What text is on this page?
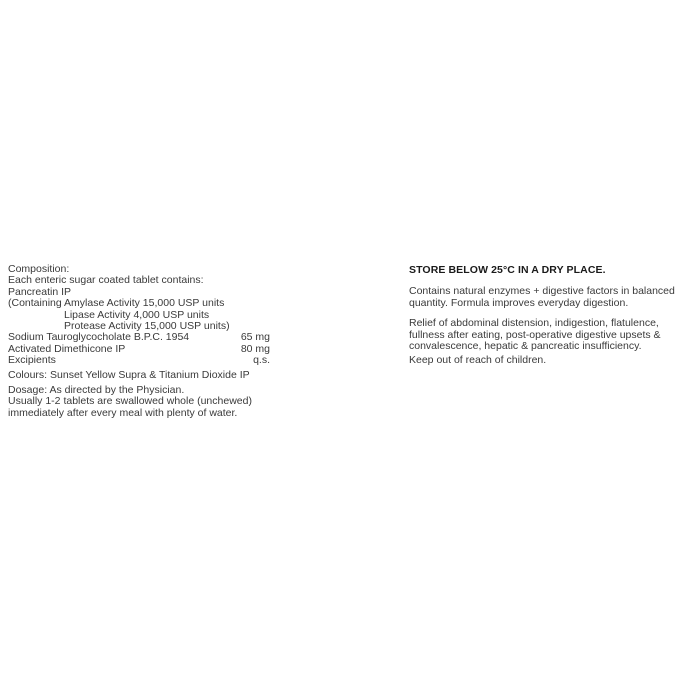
Composition:
Each enteric sugar coated tablet contains:
Pancreatin IP
(Containing Amylase Activity 15,000 USP units
Lipase Activity 4,000 USP units
Protease Activity 15,000 USP units)
Sodium Tauroglycocholate B.P.C. 1954	65 mg
Activated Dimethicone IP	80 mg
Excipients	q.s.
Colours: Sunset Yellow Supra & Titanium Dioxide IP
Dosage: As directed by the Physician.
Usually 1-2 tablets are swallowed whole (unchewed)
immediately after every meal with plenty of water.
STORE BELOW 25°C IN A DRY PLACE.
Contains natural enzymes + digestive factors in balanced
quantity. Formula improves everyday digestion.
Relief of abdominal distension, indigestion, flatulence,
fullness after eating, post-operative digestive upsets &
convalescence, hepatic & pancreatic insufficiency.
Keep out of reach of children.
